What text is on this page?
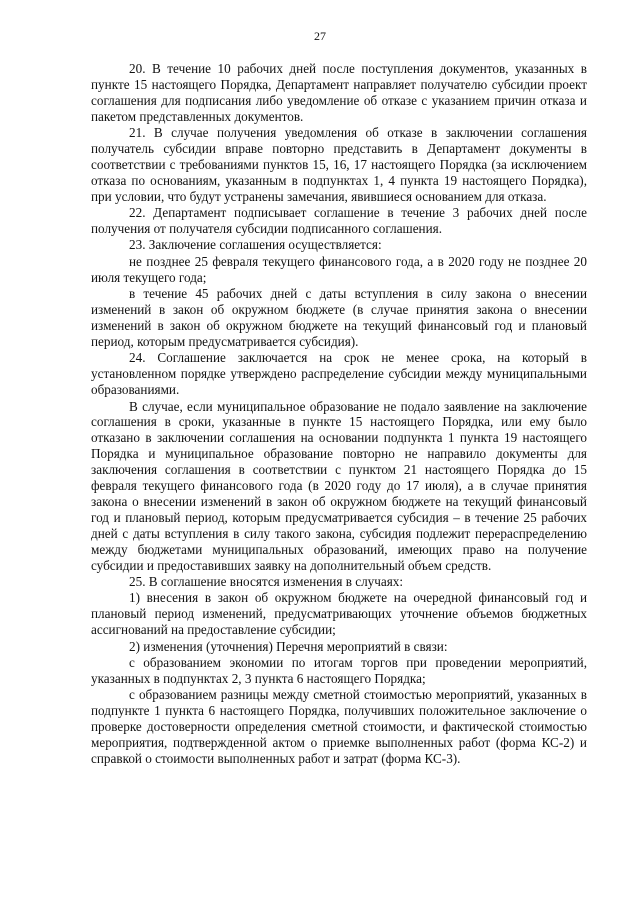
27

20. В течение 10 рабочих дней после поступления документов, указанных в пункте 15 настоящего Порядка, Департамент направляет получателю субсидии проект соглашения для подписания либо уведомление об отказе с указанием причин отказа и пакетом представленных документов.

21. В случае получения уведомления об отказе в заключении соглашения получатель субсидии вправе повторно представить в Департамент документы в соответствии с требованиями пунктов 15, 16, 17 настоящего Порядка (за исключением отказа по основаниям, указанным в подпунктах 1, 4 пункта 19 настоящего Порядка), при условии, что будут устранены замечания, явившиеся основанием для отказа.

22. Департамент подписывает соглашение в течение 3 рабочих дней после получения от получателя субсидии подписанного соглашения.

23. Заключение соглашения осуществляется:

не позднее 25 февраля текущего финансового года, а в 2020 году не позднее 20 июля текущего года;

в течение 45 рабочих дней с даты вступления в силу закона о внесении изменений в закон об окружном бюджете (в случае принятия закона о внесении изменений в закон об окружном бюджете на текущий финансовый год и плановый период, которым предусматривается субсидия).

24. Соглашение заключается на срок не менее срока, на который в установленном порядке утверждено распределение субсидии между муниципальными образованиями.

В случае, если муниципальное образование не подало заявление на заключение соглашения в сроки, указанные в пункте 15 настоящего Порядка, или ему было отказано в заключении соглашения на основании подпункта 1 пункта 19 настоящего Порядка и муниципальное образование повторно не направило документы для заключения соглашения в соответствии с пунктом 21 настоящего Порядка до 15 февраля текущего финансового года (в 2020 году до 17 июля), а в случае принятия закона о внесении изменений в закон об окружном бюджете на текущий финансовый год и плановый период, которым предусматривается субсидия – в течение 25 рабочих дней с даты вступления в силу такого закона, субсидия подлежит перераспределению между бюджетами муниципальных образований, имеющих право на получение субсидии и предоставивших заявку на дополнительный объем средств.

25. В соглашение вносятся изменения в случаях:

1) внесения в закон об окружном бюджете на очередной финансовый год и плановый период изменений, предусматривающих уточнение объемов бюджетных ассигнований на предоставление субсидии;

2) изменения (уточнения) Перечня мероприятий в связи:

с образованием экономии по итогам торгов при проведении мероприятий, указанных в подпунктах 2, 3 пункта 6 настоящего Порядка;

с образованием разницы между сметной стоимостью мероприятий, указанных в подпункте 1 пункта 6 настоящего Порядка, получивших положительное заключение о проверке достоверности определения сметной стоимости, и фактической стоимостью мероприятия, подтвержденной актом о приемке выполненных работ (форма КС-2) и справкой о стоимости выполненных работ и затрат (форма КС-3).
